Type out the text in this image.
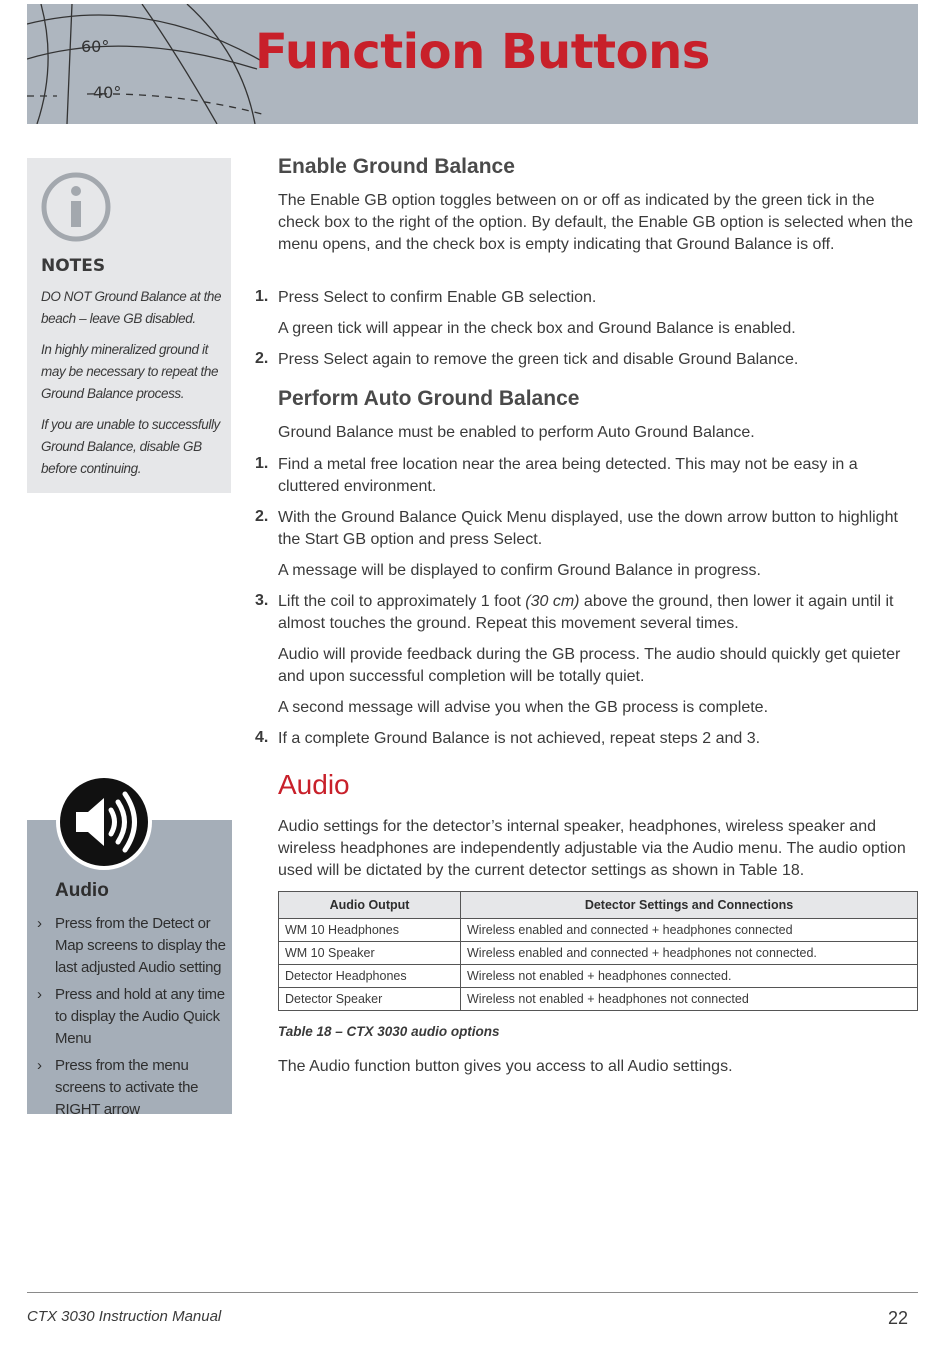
60°
40°
Function Buttons
NOTES

DO NOT Ground Balance at the beach – leave GB disabled.

In highly mineralized ground it may be necessary to repeat the Ground Balance process.

If you are unable to successfully Ground Balance, disable GB before continuing.

Audio
› Press from the Detect or Map screens to display the last adjusted Audio setting
› Press and hold at any time to display the Audio Quick Menu
› Press from the menu screens to activate the RIGHT arrow
Enable Ground Balance

The Enable GB option toggles between on or off as indicated by the green tick in the check box to the right of the option. By default, the Enable GB option is selected when the menu opens, and the check box is empty indicating that Ground Balance is off.

1. Press Select to confirm Enable GB selection.

A green tick will appear in the check box and Ground Balance is enabled.

2. Press Select again to remove the green tick and disable Ground Balance.

Perform Auto Ground Balance

Ground Balance must be enabled to perform Auto Ground Balance.

1. Find a metal free location near the area being detected. This may not be easy in a cluttered environment.

2. With the Ground Balance Quick Menu displayed, use the down arrow button to highlight the Start GB option and press Select.

A message will be displayed to confirm Ground Balance in progress.

3. Lift the coil to approximately 1 foot (30 cm) above the ground, then lower it again until it almost touches the ground. Repeat this movement several times.

Audio will provide feedback during the GB process. The audio should quickly get quieter and upon successful completion will be totally quiet.

A second message will advise you when the GB process is complete.

4. If a complete Ground Balance is not achieved, repeat steps 2 and 3.

Audio

Audio settings for the detector’s internal speaker, headphones, wireless speaker and wireless headphones are independently adjustable via the Audio menu. The audio option used will be dictated by the current detector settings as shown in Table 18.

Audio Output	Detector Settings and Connections
WM 10 Headphones	Wireless enabled and connected + headphones connected
WM 10 Speaker	Wireless enabled and connected + headphones not connected.
Detector Headphones	Wireless not enabled + headphones connected.
Detector Speaker	Wireless not enabled + headphones not connected

Table 18 – CTX 3030 audio options

The Audio function button gives you access to all Audio settings.

CTX 3030 Instruction Manual	22
